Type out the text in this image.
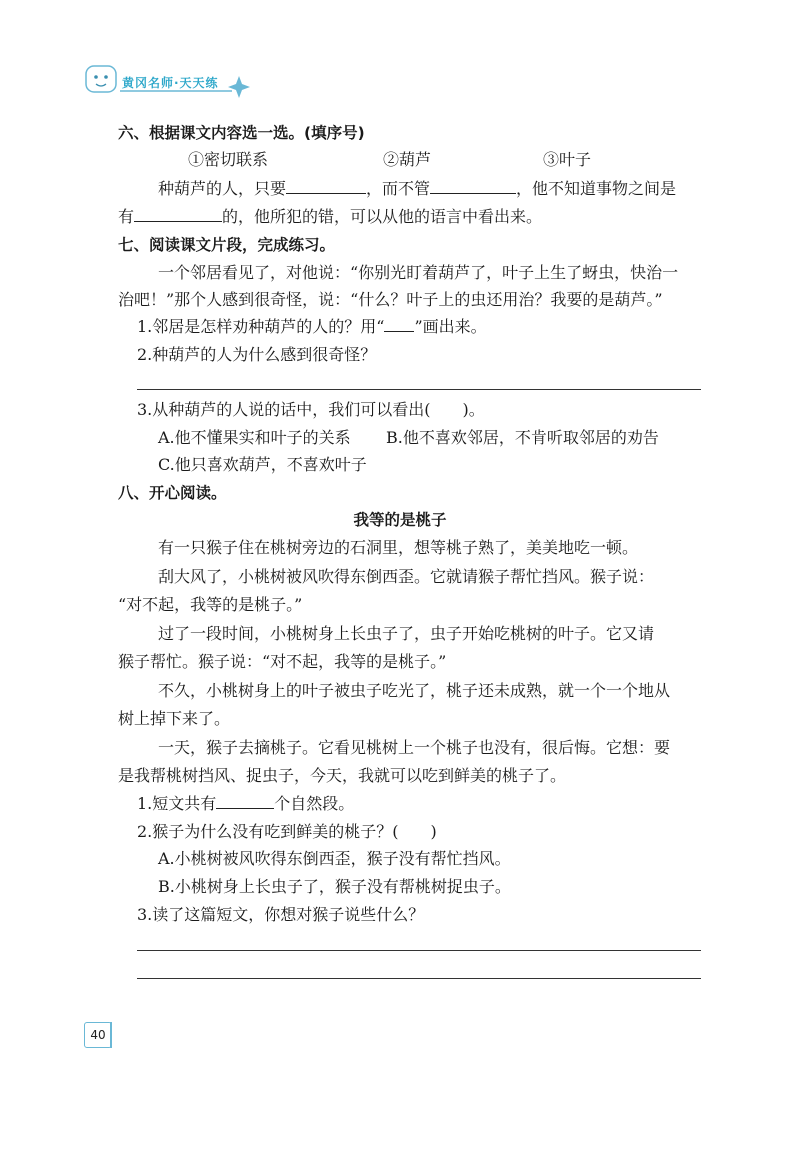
黄冈名师·天天练
六、根据课文内容选一选。(填序号)
①密切联系	②葫芦	③叶子
种葫芦的人，只要	，而不管	，他不知道事物之间是
有	的，他所犯的错，可以从他的语言中看出来。
七、阅读课文片段，完成练习。
一个邻居看见了，对他说：“你别光盯着葫芦了，叶子上生了蚜虫，快治一
治吧！”那个人感到很奇怪，说：“什么？叶子上的虫还用治？我要的是葫芦。”
1.邻居是怎样劝种葫芦的人的？用“ ”画出来。
2.种葫芦的人为什么感到很奇怪？
3.从种葫芦的人说的话中，我们可以看出(　　)。
A.他不懂果实和叶子的关系 B.他不喜欢邻居，不肯听取邻居的劝告
C.他只喜欢葫芦，不喜欢叶子
八、开心阅读。
我等的是桃子
有一只猴子住在桃树旁边的石洞里，想等桃子熟了，美美地吃一顿。
刮大风了，小桃树被风吹得东倒西歪。它就请猴子帮忙挡风。猴子说：
“对不起，我等的是桃子。”
过了一段时间，小桃树身上长虫子了，虫子开始吃桃树的叶子。它又请
猴子帮忙。猴子说：“对不起，我等的是桃子。”
不久，小桃树身上的叶子被虫子吃光了，桃子还未成熟，就一个一个地从
树上掉下来了。
一天，猴子去摘桃子。它看见桃树上一个桃子也没有，很后悔。它想：要
是我帮桃树挡风、捉虫子，今天，我就可以吃到鲜美的桃子了。
1.短文共有	个自然段。
2.猴子为什么没有吃到鲜美的桃子？(　　)
A.小桃树被风吹得东倒西歪，猴子没有帮忙挡风。
B.小桃树身上长虫子了，猴子没有帮桃树捉虫子。
3.读了这篇短文，你想对猴子说些什么？
40
